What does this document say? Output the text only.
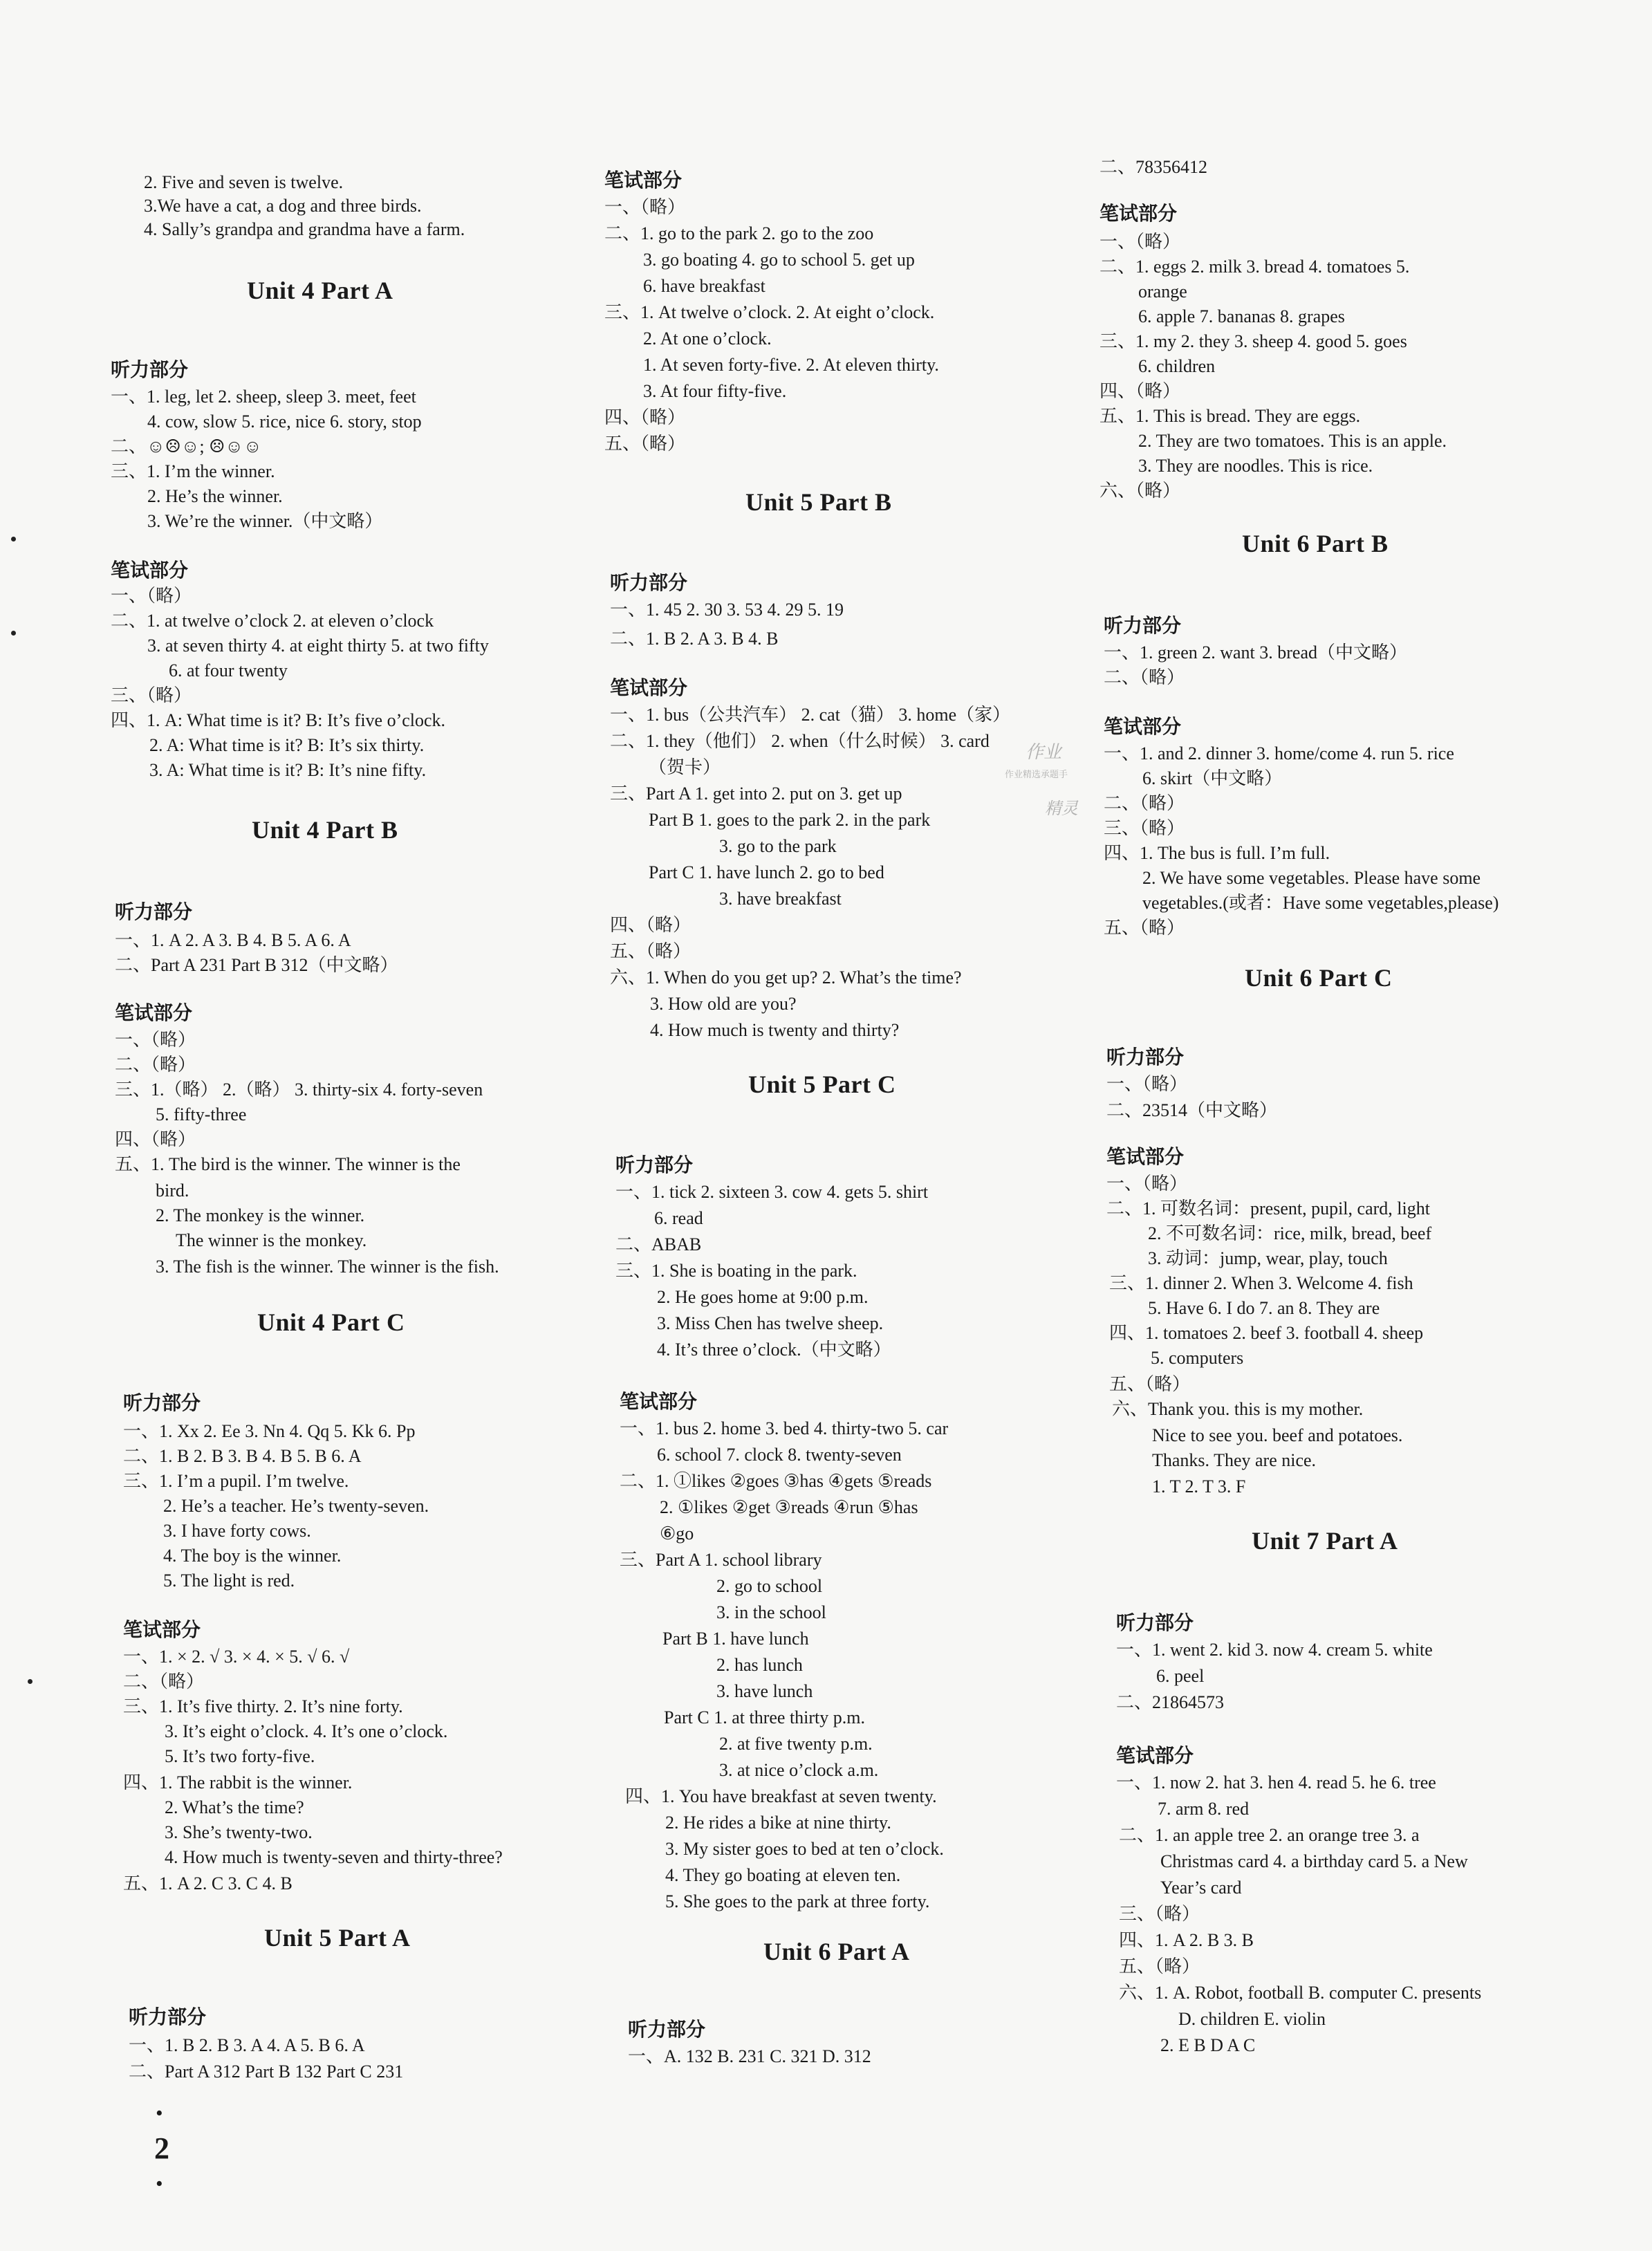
2. Five and seven is twelve.
3.We have a cat, a dog and three birds.
4. Sally’s grandpa and grandma have a farm.
Unit 4 Part A
听力部分
一、1. leg, let 2. sheep, sleep 3. meet, feet
4. cow, slow 5. rice, nice 6. story, stop
二、☺☹☺; ☹☺☺
三、1. I’m the winner.
2. He’s the winner.
3. We’re the winner.（中文略）
笔试部分
一、（略）
二、1. at twelve o’clock 2. at eleven o’clock
3. at seven thirty 4. at eight thirty 5. at two fifty
6. at four twenty
三、（略）
四、1. A: What time is it? B: It’s five o’clock.
2. A: What time is it? B: It’s six thirty.
3. A: What time is it? B: It’s nine fifty.
Unit 4 Part B
听力部分
一、1. A 2. A 3. B 4. B 5. A 6. A
二、Part A 231 Part B 312（中文略）
笔试部分
一、（略）
二、（略）
三、1.（略） 2.（略） 3. thirty-six 4. forty-seven
5. fifty-three
四、（略）
五、1. The bird is the winner. The winner is the
bird.
2. The monkey is the winner.
The winner is the monkey.
3. The fish is the winner. The winner is the fish.
Unit 4 Part C
听力部分
一、1. Xx 2. Ee 3. Nn 4. Qq 5. Kk 6. Pp
二、1. B 2. B 3. B 4. B 5. B 6. A
三、1. I’m a pupil. I’m twelve.
2. He’s a teacher. He’s twenty-seven.
3. I have forty cows.
4. The boy is the winner.
5. The light is red.
笔试部分
一、1. × 2. √ 3. × 4. × 5. √ 6. √
二、（略）
三、1. It’s five thirty. 2. It’s nine forty.
3. It’s eight o’clock. 4. It’s one o’clock.
5. It’s two forty-five.
四、1. The rabbit is the winner.
2. What’s the time?
3. She’s twenty-two.
4. How much is twenty-seven and thirty-three?
五、1. A 2. C 3. C 4. B
Unit 5 Part A
听力部分
一、1. B 2. B 3. A 4. A 5. B 6. A
二、Part A 312 Part B 132 Part C 231
· 2 ·
笔试部分
一、（略）
二、1. go to the park 2. go to the zoo
3. go boating 4. go to school 5. get up
6. have breakfast
三、1. At twelve o’clock. 2. At eight o’clock.
2. At one o’clock.
1. At seven forty-five. 2. At eleven thirty.
3. At four fifty-five.
四、（略）
五、（略）
Unit 5 Part B
听力部分
一、1. 45 2. 30 3. 53 4. 29 5. 19
二、1. B 2. A 3. B 4. B
笔试部分
一、1. bus（公共汽车） 2. cat（猫） 3. home（家）
二、1. they（他们） 2. when（什么时候） 3. card
（贺卡）
三、Part A 1. get into 2. put on 3. get up
Part B 1. goes to the park 2. in the park
3. go to the park
Part C 1. have lunch 2. go to bed
3. have breakfast
四、（略）
五、（略）
六、1. When do you get up? 2. What’s the time?
3. How old are you?
4. How much is twenty and thirty?
作业
作业精选承题手
精灵
Unit 5 Part C
听力部分
一、1. tick 2. sixteen 3. cow 4. gets 5. shirt
6. read
二、ABAB
三、1. She is boating in the park.
2. He goes home at 9:00 p.m.
3. Miss Chen has twelve sheep.
4. It’s three o’clock.（中文略）
笔试部分
一、1. bus 2. home 3. bed 4. thirty-two 5. car
6. school 7. clock 8. twenty-seven
二、1. ①likes ②goes ③has ④gets ⑤reads
2. ①likes ②get ③reads ④run ⑤has
⑥go
三、Part A 1. school library
2. go to school
3. in the school
Part B 1. have lunch
2. has lunch
3. have lunch
Part C 1. at three thirty p.m.
2. at five twenty p.m.
3. at nice o’clock a.m.
四、1. You have breakfast at seven twenty.
2. He rides a bike at nine thirty.
3. My sister goes to bed at ten o’clock.
4. They go boating at eleven ten.
5. She goes to the park at three forty.
Unit 6 Part A
听力部分
一、A. 132 B. 231 C. 321 D. 312
二、78356412
笔试部分
一、（略）
二、1. eggs 2. milk 3. bread 4. tomatoes 5.
orange
6. apple 7. bananas 8. grapes
三、1. my 2. they 3. sheep 4. good 5. goes
6. children
四、（略）
五、1. This is bread. They are eggs.
2. They are two tomatoes. This is an apple.
3. They are noodles. This is rice.
六、（略）
Unit 6 Part B
听力部分
一、1. green 2. want 3. bread（中文略）
二、（略）
笔试部分
一、1. and 2. dinner 3. home/come 4. run 5. rice
6. skirt（中文略）
二、（略）
三、（略）
四、1. The bus is full. I’m full.
2. We have some vegetables. Please have some
vegetables.(或者：Have some vegetables,please)
五、（略）
Unit 6 Part C
听力部分
一、（略）
二、23514（中文略）
笔试部分
一、（略）
二、1. 可数名词：present, pupil, card, light
2. 不可数名词：rice, milk, bread, beef
3. 动词：jump, wear, play, touch
三、1. dinner 2. When 3. Welcome 4. fish
5. Have 6. I do 7. an 8. They are
四、1. tomatoes 2. beef 3. football 4. sheep
5. computers
五、（略）
六、Thank you. this is my mother.
Nice to see you. beef and potatoes.
Thanks. They are nice.
1. T 2. T 3. F
Unit 7 Part A
听力部分
一、1. went 2. kid 3. now 4. cream 5. white
6. peel
二、21864573
笔试部分
一、1. now 2. hat 3. hen 4. read 5. he 6. tree
7. arm 8. red
二、1. an apple tree 2. an orange tree 3. a
Christmas card 4. a birthday card 5. a New
Year’s card
三、（略）
四、1. A 2. B 3. B
五、（略）
六、1. A. Robot, football B. computer C. presents
D. children E. violin
2. E B D A C
